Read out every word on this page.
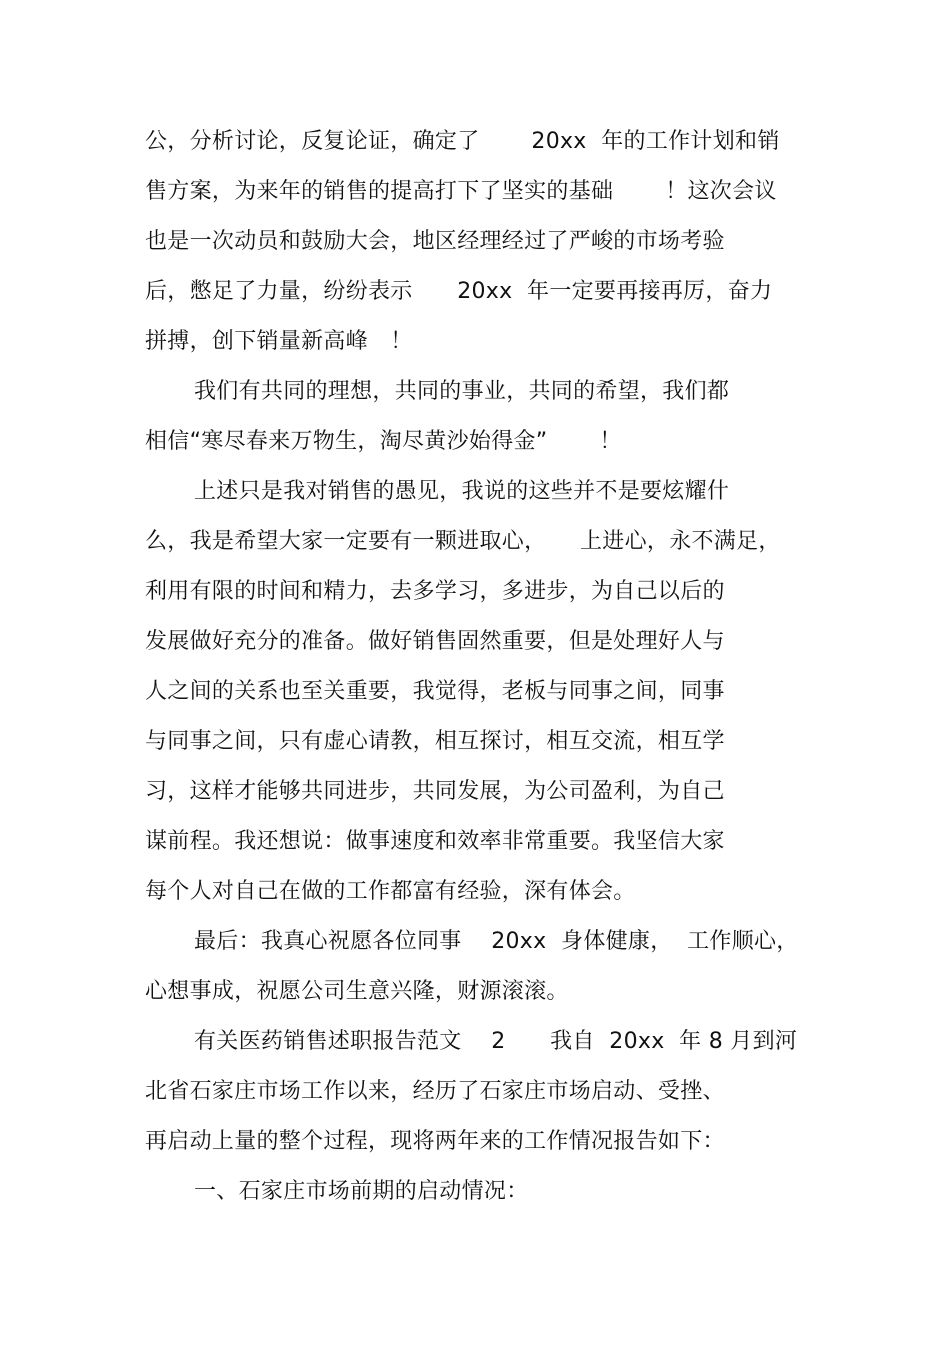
公，分析讨论，反复论证，确定了　　 20xx  年的工作计划和销
售方案，为来年的销售的提高打下了坚实的基础　　 ！这次会议
也是一次动员和鼓励大会，地区经理经过了严峻的市场考验
后，憋足了力量，纷纷表示　　20xx  年一定要再接再厉，奋力
拼搏，创下销量新高峰　！
我们有共同的理想，共同的事业，共同的希望，我们都
相信“寒尽春来万物生，淘尽黄沙始得金”　　 ！
上述只是我对销售的愚见，我说的这些并不是要炫耀什
么，我是希望大家一定要有一颗进取心，　　上进心，永不满足，
利用有限的时间和精力，去多学习，多进步，为自己以后的
发展做好充分的准备。做好销售固然重要，但是处理好人与
人之间的关系也至关重要，我觉得，老板与同事之间，同事
与同事之间，只有虚心请教，相互探讨，相互交流，相互学
习，这样才能够共同进步，共同发展，为公司盈利，为自己
谋前程。我还想说：做事速度和效率非常重要。我坚信大家
每个人对自己在做的工作都富有经验，深有体会。
最后：我真心祝愿各位同事　 20xx  身体健康，  工作顺心，
心想事成，祝愿公司生意兴隆，财源滚滚。
有关医药销售述职报告范文　 2　　我自  20xx  年 8 月到河
北省石家庄市场工作以来，经历了石家庄市场启动、受挫、
再启动上量的整个过程，现将两年来的工作情况报告如下：
一、石家庄市场前期的启动情况：
